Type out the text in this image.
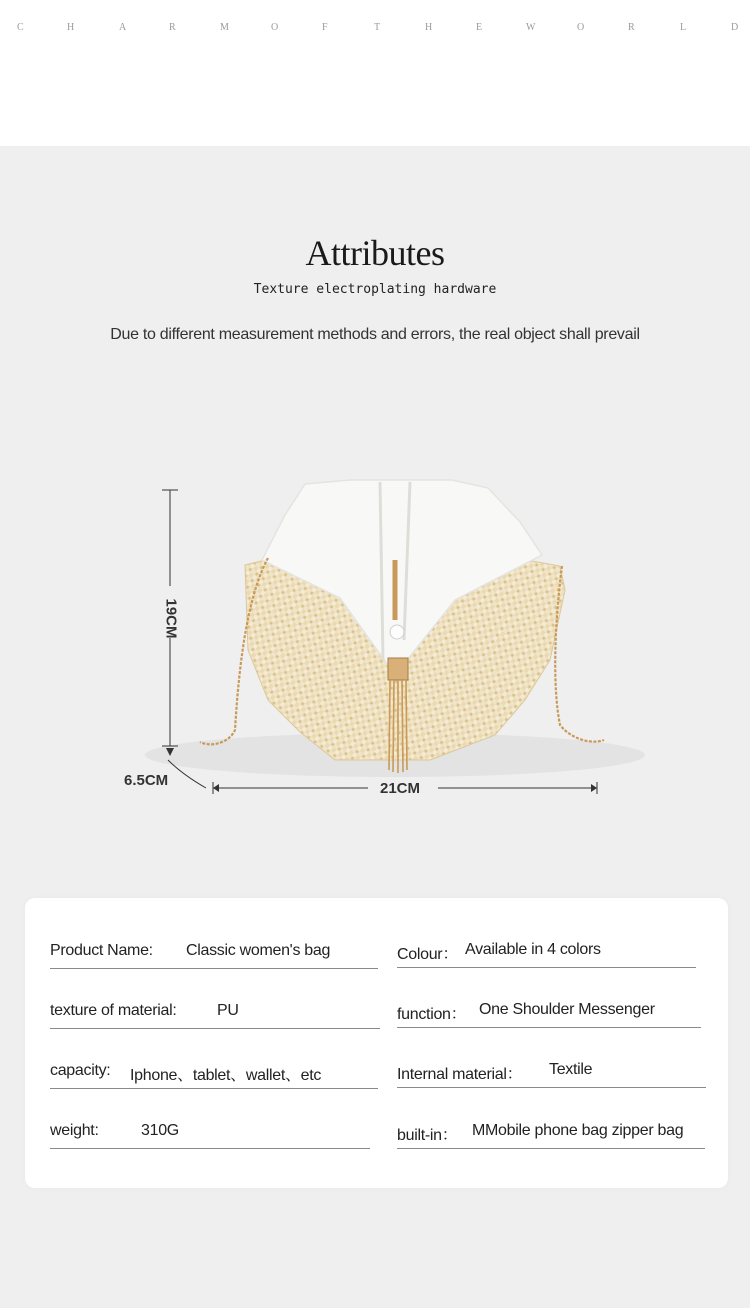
C	H	A	R	M	O	F	T	H	E	W	O	R	L	D
Attributes
Texture electroplating hardware
Due to different measurement methods and errors, the real object shall prevail
19CM
6.5CM	21CM
Product Name: Classic women's bag
texture of material:	PU
capacity: Iphone、tablet、wallet、etc
weight:	310G
Colour： Available in 4 colors
function： One Shoulder Messenger
Internal material： Textile
built-in： MMobile phone bag zipper bag
